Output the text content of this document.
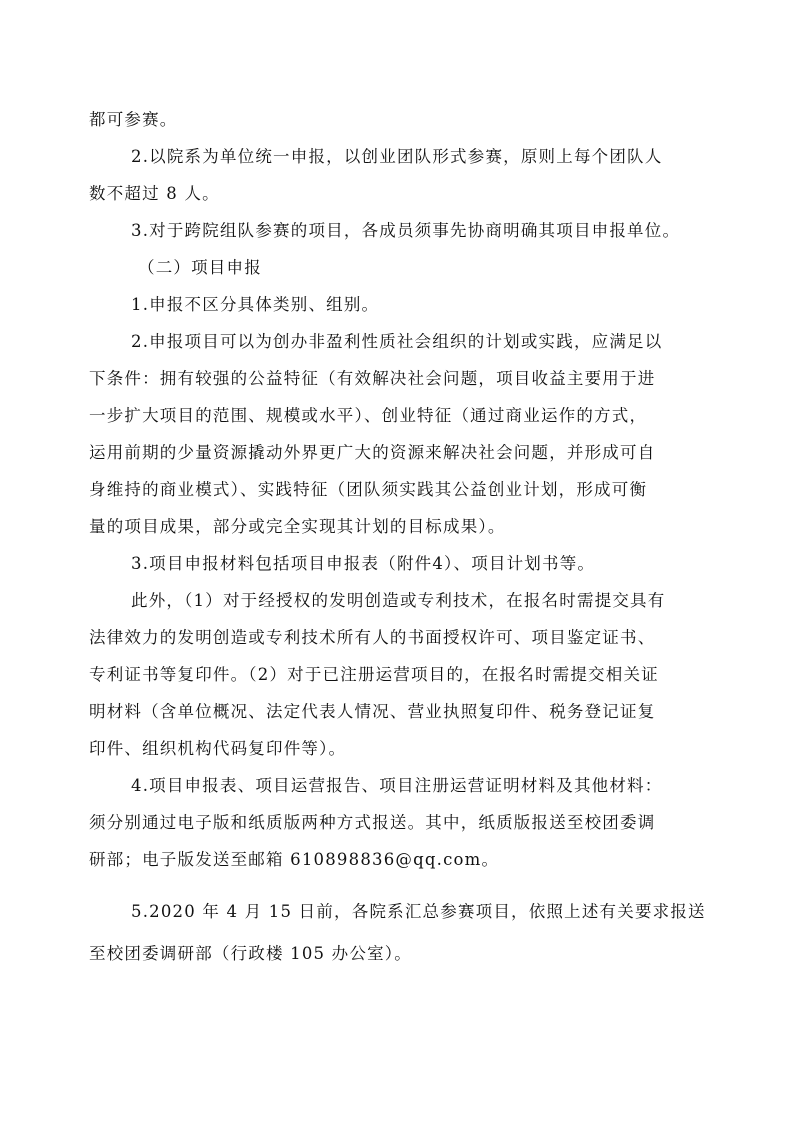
都可参赛。
2.以院系为单位统一申报，以创业团队形式参赛，原则上每个团队人
数不超过 8 人。
3.对于跨院组队参赛的项目，各成员须事先协商明确其项目申报单位。
（二）项目申报
1.申报不区分具体类别、组别。
2.申报项目可以为创办非盈利性质社会组织的计划或实践，应满足以
下条件：拥有较强的公益特征（有效解决社会问题，项目收益主要用于进
一步扩大项目的范围、规模或水平）、创业特征（通过商业运作的方式，
运用前期的少量资源撬动外界更广大的资源来解决社会问题，并形成可自
身维持的商业模式）、实践特征（团队须实践其公益创业计划，形成可衡
量的项目成果，部分或完全实现其计划的目标成果）。
3.项目申报材料包括项目申报表（附件4）、项目计划书等。
此外，（1）对于经授权的发明创造或专利技术，在报名时需提交具有
法律效力的发明创造或专利技术所有人的书面授权许可、项目鉴定证书、
专利证书等复印件。（2）对于已注册运营项目的，在报名时需提交相关证
明材料（含单位概况、法定代表人情况、营业执照复印件、税务登记证复
印件、组织机构代码复印件等）。
4.项目申报表、项目运营报告、项目注册运营证明材料及其他材料：
须分别通过电子版和纸质版两种方式报送。其中，纸质版报送至校团委调
研部；电子版发送至邮箱 610898836@qq.com。
5.2020 年 4 月 15 日前，各院系汇总参赛项目，依照上述有关要求报送
至校团委调研部（行政楼 105 办公室）。
